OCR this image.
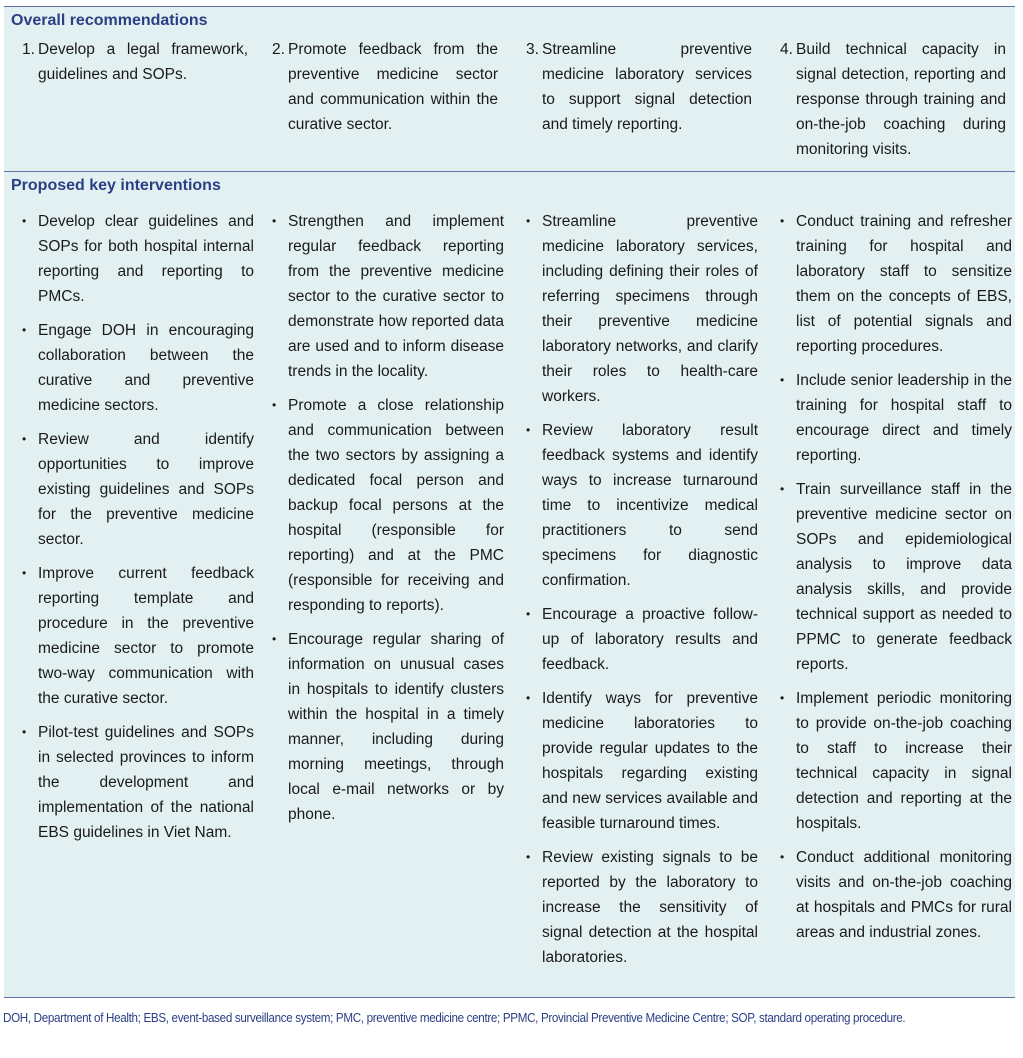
Overall recommendations
1. Develop a legal framework, guidelines and SOPs.
2. Promote feedback from the preventive medicine sector and communication within the curative sector.
3. Streamline preventive medicine laboratory services to support signal detection and timely reporting.
4. Build technical capacity in signal detection, reporting and response through training and on-the-job coaching during monitoring visits.
Proposed key interventions
• Develop clear guidelines and SOPs for both hospital internal reporting and reporting to PMCs.
• Engage DOH in encouraging collaboration between the curative and preventive medicine sectors.
• Review and identify opportunities to improve existing guidelines and SOPs for the preventive medicine sector.
• Improve current feedback reporting template and procedure in the preventive medicine sector to promote two-way communication with the curative sector.
• Pilot-test guidelines and SOPs in selected provinces to inform the development and implementation of the national EBS guidelines in Viet Nam.
• Strengthen and implement regular feedback reporting from the preventive medicine sector to the curative sector to demonstrate how reported data are used and to inform disease trends in the locality.
• Promote a close relationship and communication between the two sectors by assigning a dedicated focal person and backup focal persons at the hospital (responsible for reporting) and at the PMC (responsible for receiving and responding to reports).
• Encourage regular sharing of information on unusual cases in hospitals to identify clusters within the hospital in a timely manner, including during morning meetings, through local e-mail networks or by phone.
• Streamline preventive medicine laboratory services, including defining their roles of referring specimens through their preventive medicine laboratory networks, and clarify their roles to health-care workers.
• Review laboratory result feedback systems and identify ways to increase turnaround time to incentivize medical practitioners to send specimens for diagnostic confirmation.
• Encourage a proactive follow-up of laboratory results and feedback.
• Identify ways for preventive medicine laboratories to provide regular updates to the hospitals regarding existing and new services available and feasible turnaround times.
• Review existing signals to be reported by the laboratory to increase the sensitivity of signal detection at the hospital laboratories.
• Conduct training and refresher training for hospital and laboratory staff to sensitize them on the concepts of EBS, list of potential signals and reporting procedures.
• Include senior leadership in the training for hospital staff to encourage direct and timely reporting.
• Train surveillance staff in the preventive medicine sector on SOPs and epidemiological analysis to improve data analysis skills, and provide technical support as needed to PPMC to generate feedback reports.
• Implement periodic monitoring to provide on-the-job coaching to staff to increase their technical capacity in signal detection and reporting at the hospitals.
• Conduct additional monitoring visits and on-the-job coaching at hospitals and PMCs for rural areas and industrial zones.
DOH, Department of Health; EBS, event-based surveillance system; PMC, preventive medicine centre; PPMC, Provincial Preventive Medicine Centre; SOP, standard operating procedure.
